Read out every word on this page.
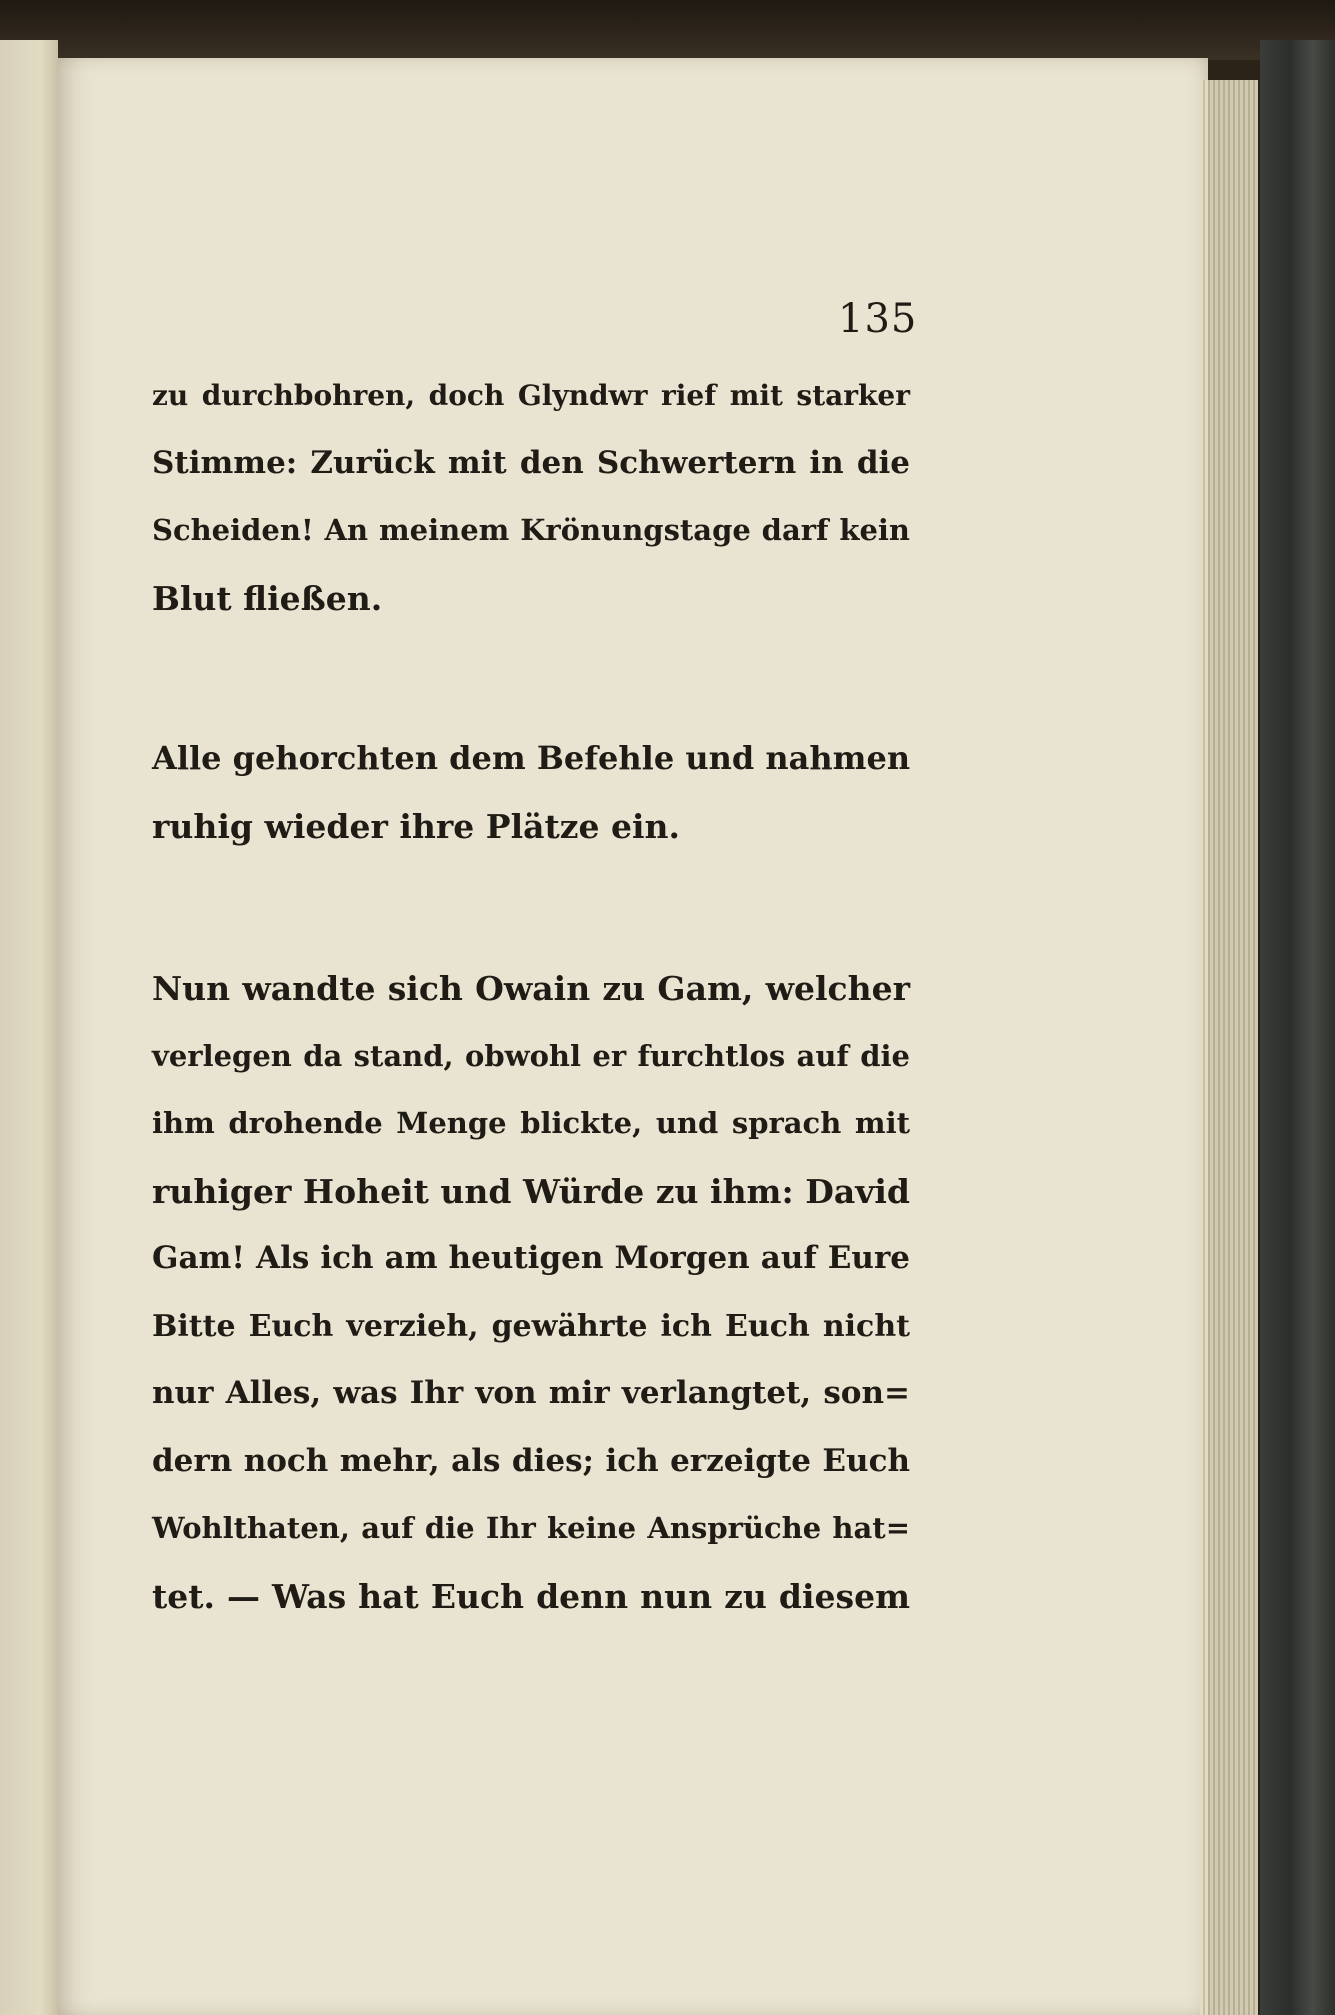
135
zu durchbohren, doch Glyndwr rief mit starker
Stimme: Zurück mit den Schwertern in die
Scheiden! An meinem Krönungstage darf kein
Blut fließen.
Alle gehorchten dem Befehle und nahmen
ruhig wieder ihre Plätze ein.
Nun wandte sich Owain zu Gam, welcher
verlegen da stand, obwohl er furchtlos auf die
ihm drohende Menge blickte, und sprach mit
ruhiger Hoheit und Würde zu ihm: David
Gam! Als ich am heutigen Morgen auf Eure
Bitte Euch verzieh, gewährte ich Euch nicht
nur Alles, was Ihr von mir verlangtet, son=
dern noch mehr, als dies; ich erzeigte Euch
Wohlthaten, auf die Ihr keine Ansprüche hat=
tet. — Was hat Euch denn nun zu diesem
